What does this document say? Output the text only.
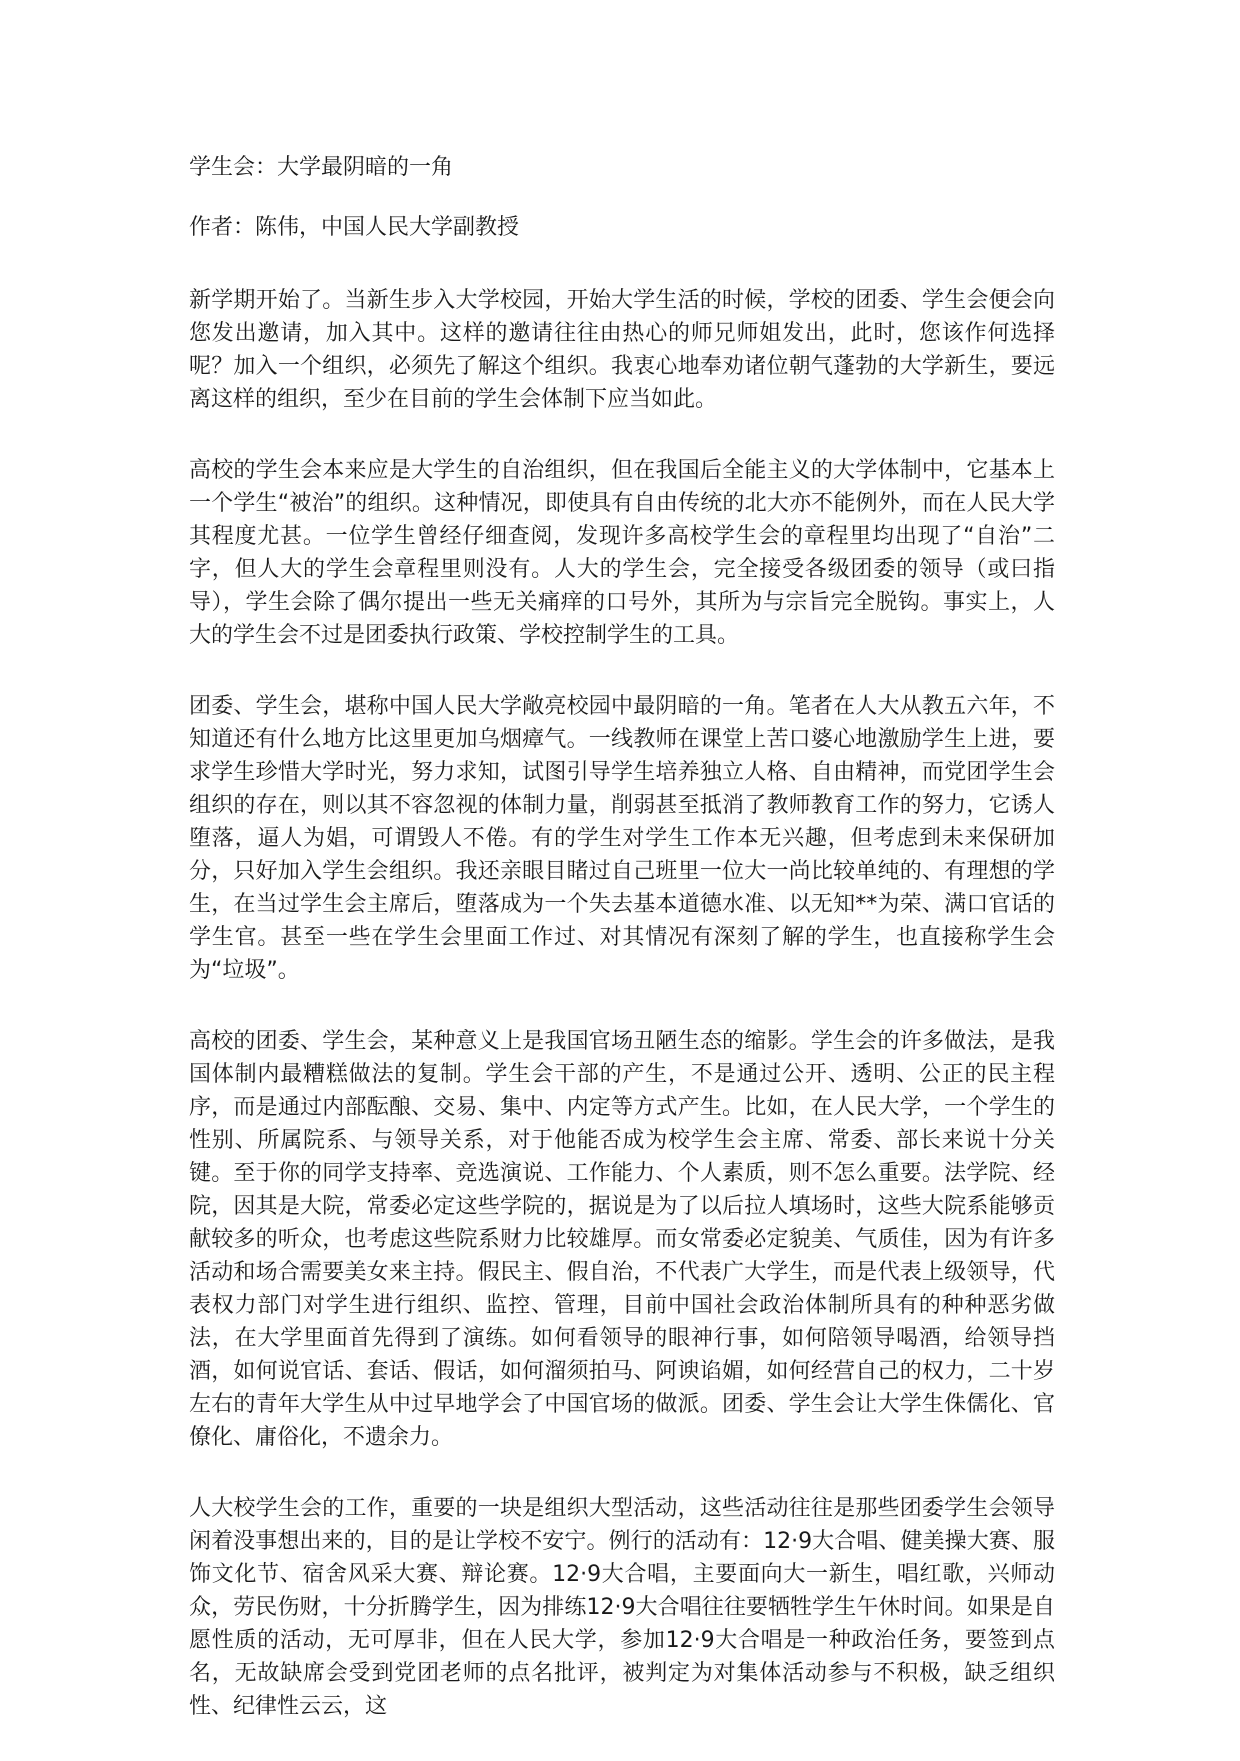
学生会：大学最阴暗的一角
作者：陈伟，中国人民大学副教授

新学期开始了。当新生步入大学校园，开始大学生活的时候，学校的团委、学生会便会向您发出邀请，加入其中。这样的邀请往往由热心的师兄师姐发出，此时，您该作何选择呢？加入一个组织，必须先了解这个组织。我衷心地奉劝诸位朝气蓬勃的大学新生，要远离这样的组织，至少在目前的学生会体制下应当如此。

高校的学生会本来应是大学生的自治组织，但在我国后全能主义的大学体制中，它基本上一个学生“被治”的组织。这种情况，即使具有自由传统的北大亦不能例外，而在人民大学其程度尤甚。一位学生曾经仔细查阅，发现许多高校学生会的章程里均出现了“自治”二字，但人大的学生会章程里则没有。人大的学生会，完全接受各级团委的领导（或曰指导），学生会除了偶尔提出一些无关痛痒的口号外，其所为与宗旨完全脱钩。事实上，人大的学生会不过是团委执行政策、学校控制学生的工具。

团委、学生会，堪称中国人民大学敞亮校园中最阴暗的一角。笔者在人大从教五六年，不知道还有什么地方比这里更加乌烟瘴气。一线教师在课堂上苦口婆心地激励学生上进，要求学生珍惜大学时光，努力求知，试图引导学生培养独立人格、自由精神，而党团学生会组织的存在，则以其不容忽视的体制力量，削弱甚至抵消了教师教育工作的努力，它诱人堕落，逼人为娼，可谓毁人不倦。有的学生对学生工作本无兴趣，但考虑到未来保研加分，只好加入学生会组织。我还亲眼目睹过自己班里一位大一尚比较单纯的、有理想的学生，在当过学生会主席后，堕落成为一个失去基本道德水准、以无知**为荣、满口官话的学生官。甚至一些在学生会里面工作过、对其情况有深刻了解的学生，也直接称学生会为“垃圾”。

高校的团委、学生会，某种意义上是我国官场丑陋生态的缩影。学生会的许多做法，是我国体制内最糟糕做法的复制。学生会干部的产生，不是通过公开、透明、公正的民主程序，而是通过内部酝酿、交易、集中、内定等方式产生。比如，在人民大学，一个学生的性别、所属院系、与领导关系，对于他能否成为校学生会主席、常委、部长来说十分关键。至于你的同学支持率、竞选演说、工作能力、个人素质，则不怎么重要。法学院、经院，因其是大院，常委必定这些学院的，据说是为了以后拉人填场时，这些大院系能够贡献较多的听众，也考虑这些院系财力比较雄厚。而女常委必定貌美、气质佳，因为有许多活动和场合需要美女来主持。假民主、假自治，不代表广大学生，而是代表上级领导，代表权力部门对学生进行组织、监控、管理，目前中国社会政治体制所具有的种种恶劣做法，在大学里面首先得到了演练。如何看领导的眼神行事，如何陪领导喝酒，给领导挡酒，如何说官话、套话、假话，如何溜须拍马、阿谀谄媚，如何经营自己的权力，二十岁左右的青年大学生从中过早地学会了中国官场的做派。团委、学生会让大学生侏儒化、官僚化、庸俗化，不遗余力。

人大校学生会的工作，重要的一块是组织大型活动，这些活动往往是那些团委学生会领导闲着没事想出来的，目的是让学校不安宁。例行的活动有：12·9大合唱、健美操大赛、服饰文化节、宿舍风采大赛、辩论赛。12·9大合唱，主要面向大一新生，唱红歌，兴师动众，劳民伤财，十分折腾学生，因为排练12·9大合唱往往要牺牲学生午休时间。如果是自愿性质的活动，无可厚非，但在人民大学，参加12·9大合唱是一种政治任务，要签到点名，无故缺席会受到党团老师的点名批评，被判定为对集体活动参与不积极，缺乏组织性、纪律性云云，这
